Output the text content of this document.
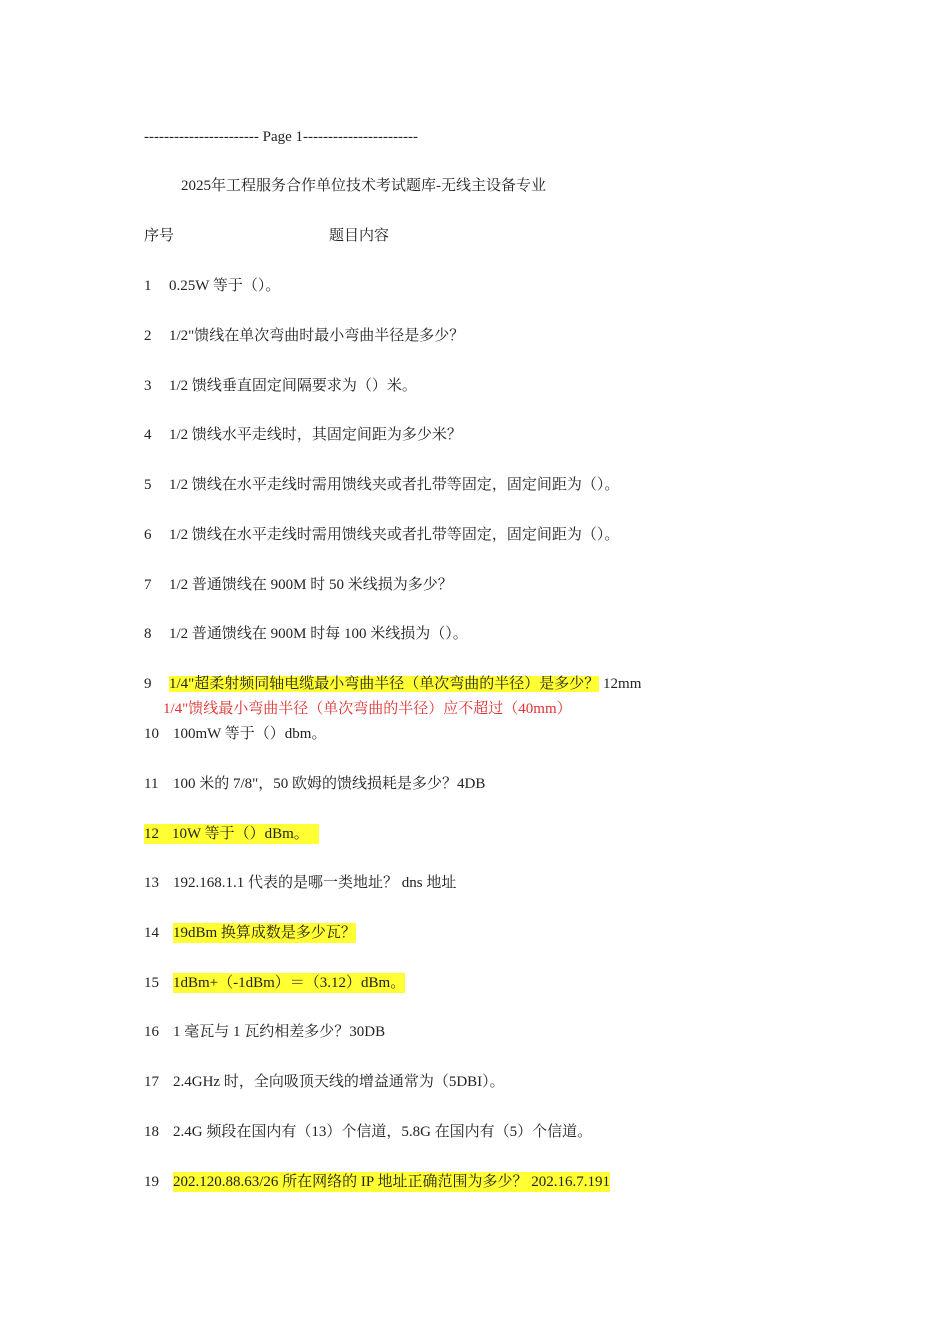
----------------------- Page 1-----------------------
2025年工程服务合作单位技术考试题库-无线主设备专业
序号	题目内容
1 0.25W 等于（）。
2 1/2"馈线在单次弯曲时最小弯曲半径是多少？
3 1/2 馈线垂直固定间隔要求为（）米。
4 1/2 馈线水平走线时，其固定间距为多少米？
5 1/2 馈线在水平走线时需用馈线夹或者扎带等固定，固定间距为（）。
6 1/2 馈线在水平走线时需用馈线夹或者扎带等固定，固定间距为（）。
7 1/2 普通馈线在 900M 时 50 米线损为多少？
8 1/2 普通馈线在 900M 时每 100 米线损为（）。
9 1/4"超柔射频同轴电缆最小弯曲半径（单次弯曲的半径）是多少？ 12mm
1/4"馈线最小弯曲半径（单次弯曲的半径）应不超过（40mm）
10 100mW 等于（）dbm。
11 100 米的 7/8"，50 欧姆的馈线损耗是多少？4DB
12 10W 等于（）dBm。
13 192.168.1.1 代表的是哪一类地址？ dns 地址
14 19dBm 换算成数是多少瓦？
15 1dBm+（-1dBm）＝（3.12）dBm。
16 1 毫瓦与 1 瓦约相差多少？30DB
17 2.4GHz 时，全向吸顶天线的增益通常为（5DBI）。
18 2.4G 频段在国内有（13）个信道，5.8G 在国内有（5）个信道。
19 202.120.88.63/26 所在网络的 IP 地址正确范围为多少？ 202.16.7.191
